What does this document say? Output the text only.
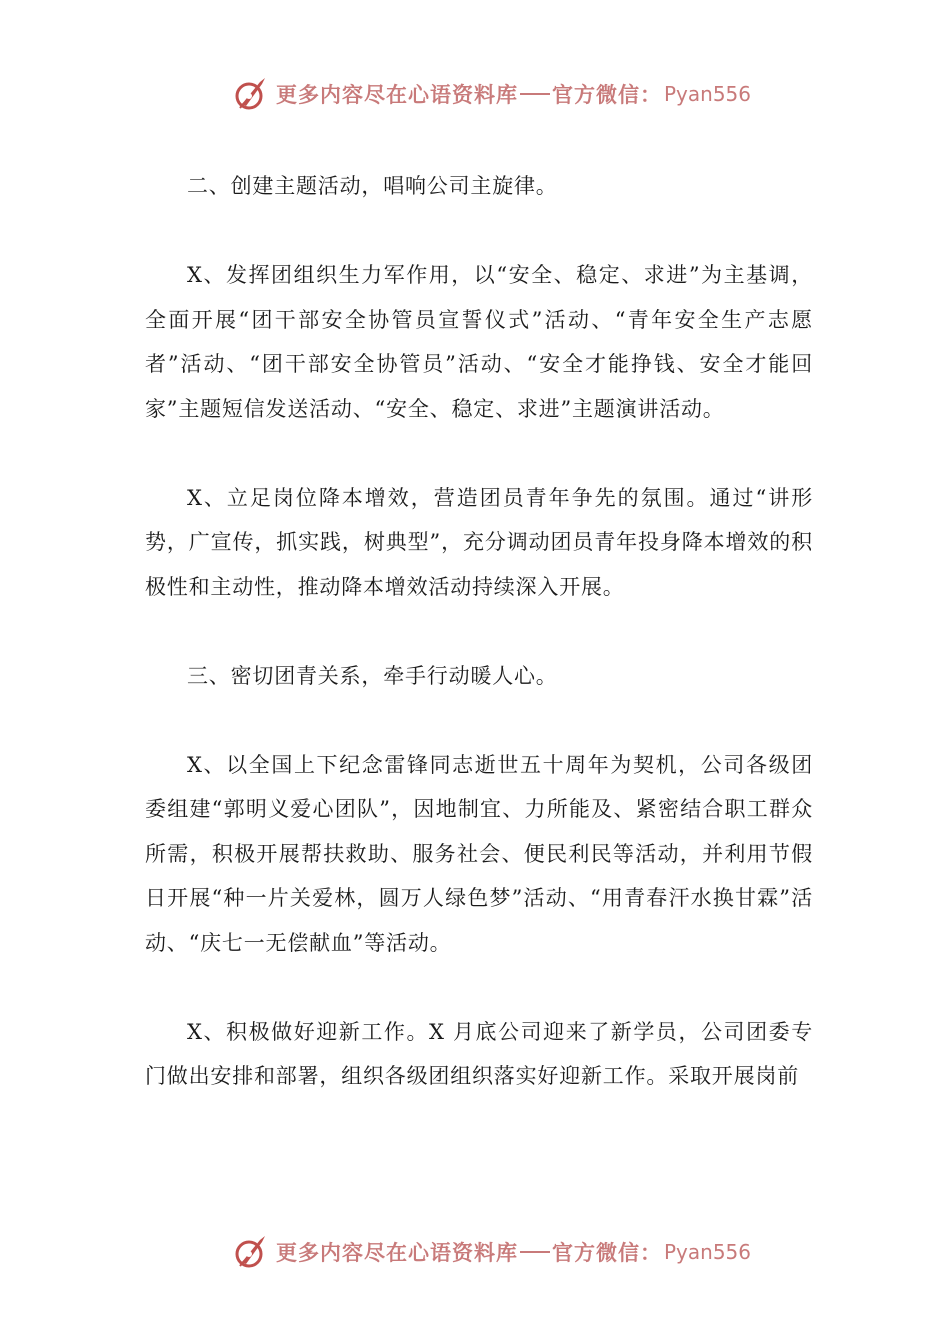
更多内容尽在心语资料库 官方微信： Pyan556

二、创建主题活动，唱响公司主旋律。

X、发挥团组织生力军作用，以“安全、稳定、求进”为主基调，全面开展“团干部安全协管员宣誓仪式”活动、“青年安全生产志愿者”活动、“团干部安全协管员”活动、“安全才能挣钱、安全才能回家”主题短信发送活动、“安全、稳定、求进”主题演讲活动。

X、立足岗位降本增效，营造团员青年争先的氛围。通过“讲形势，广宣传，抓实践，树典型”，充分调动团员青年投身降本增效的积极性和主动性，推动降本增效活动持续深入开展。

三、密切团青关系，牵手行动暖人心。

X、以全国上下纪念雷锋同志逝世五十周年为契机，公司各级团委组建“郭明义爱心团队”，因地制宜、力所能及、紧密结合职工群众所需，积极开展帮扶救助、服务社会、便民利民等活动，并利用节假日开展“种一片关爱林，圆万人绿色梦”活动、“用青春汗水换甘霖”活动、“庆七一无偿献血”等活动。

X、积极做好迎新工作。X 月底公司迎来了新学员，公司团委专门做出安排和部署，组织各级团组织落实好迎新工作。采取开展岗前

更多内容尽在心语资料库 官方微信： Pyan556
